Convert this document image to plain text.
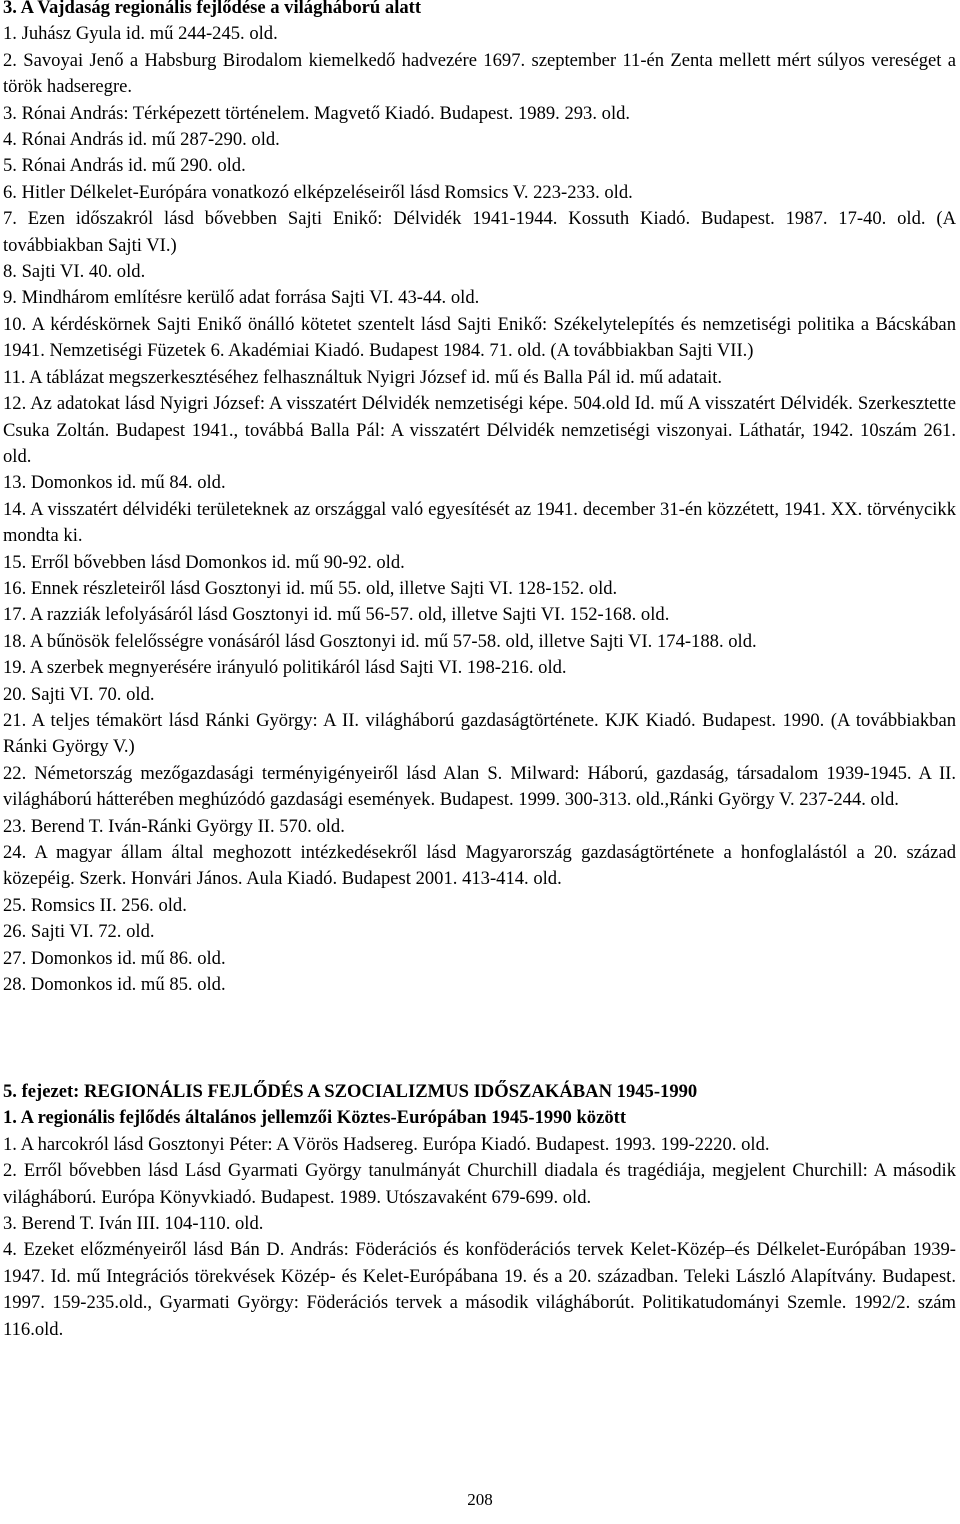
3. A Vajdaság regionális fejlődése a világháború alatt

1. Juhász Gyula id. mű 244-245. old.

2. Savoyai Jenő a Habsburg Birodalom kiemelkedő hadvezére 1697. szeptember 11-én Zenta mellett mért súlyos vereséget a török hadseregre.

3. Rónai András: Térképezett történelem. Magvető Kiadó. Budapest. 1989. 293. old.

4. Rónai András id. mű 287-290. old.

5. Rónai András id. mű 290. old.

6. Hitler Délkelet-Európára vonatkozó elképzeléseiről lásd Romsics V. 223-233. old.

7. Ezen időszakról lásd bővebben Sajti Enikő: Délvidék 1941-1944. Kossuth Kiadó. Budapest. 1987. 17-40. old. (A továbbiakban Sajti VI.)

8. Sajti VI. 40. old.

9. Mindhárom említésre kerülő adat forrása Sajti VI. 43-44. old.

10. A kérdéskörnek Sajti Enikő önálló kötetet szentelt lásd Sajti Enikő: Székelytelepítés és nemzetiségi politika a Bácskában 1941. Nemzetiségi Füzetek 6. Akadémiai Kiadó. Budapest 1984. 71. old. (A továbbiakban Sajti VII.)

11. A táblázat megszerkesztéséhez felhasználtuk Nyigri József id. mű és Balla Pál id. mű adatait.

12. Az adatokat lásd Nyigri József: A visszatért Délvidék nemzetiségi képe. 504.old Id. mű A visszatért Délvidék. Szerkesztette Csuka Zoltán. Budapest 1941., továbbá Balla Pál: A visszatért Délvidék nemzetiségi viszonyai. Láthatár, 1942. 10szám 261. old.

13. Domonkos id. mű 84. old.

14. A visszatért délvidéki területeknek az országgal való egyesítését az 1941. december 31-én közzétett, 1941. XX. törvénycikk mondta ki.

15. Erről bővebben lásd Domonkos id. mű 90-92. old.

16. Ennek részleteiről lásd Gosztonyi id. mű 55. old, illetve Sajti VI. 128-152. old.

17. A razziák lefolyásáról lásd Gosztonyi id. mű 56-57. old, illetve Sajti VI. 152-168. old.

18. A bűnösök felelősségre vonásáról lásd Gosztonyi id. mű 57-58. old, illetve Sajti VI. 174-188. old.

19. A szerbek megnyerésére irányuló politikáról lásd Sajti VI. 198-216. old.

20. Sajti VI. 70. old.

21. A teljes témakört lásd Ránki György: A II. világháború gazdaságtörténete. KJK Kiadó. Budapest. 1990. (A továbbiakban Ránki György V.)

22. Németország mezőgazdasági terményigényeiről lásd Alan S. Milward: Háború, gazdaság, társadalom 1939-1945. A II. világháború hátterében meghúzódó gazdasági események. Budapest. 1999. 300-313. old.,Ránki György V. 237-244. old.

23. Berend T. Iván-Ránki György II. 570. old.

24. A magyar állam által meghozott intézkedésekről lásd Magyarország gazdaságtörténete a honfoglalástól a 20. század közepéig. Szerk. Honvári János. Aula Kiadó. Budapest 2001. 413-414. old.

25. Romsics II. 256. old.

26. Sajti VI. 72. old.

27. Domonkos id. mű 86. old.

28. Domonkos id. mű 85. old.

5. fejezet: REGIONÁLIS FEJLŐDÉS A SZOCIALIZMUS IDŐSZAKÁBAN 1945-1990

1. A regionális fejlődés általános jellemzői Köztes-Európában 1945-1990 között

1. A harcokról lásd Gosztonyi Péter: A Vörös Hadsereg. Európa Kiadó. Budapest. 1993. 199-2220. old.

2. Erről bővebben lásd Lásd Gyarmati György tanulmányát Churchill diadala és tragédiája, megjelent Churchill: A második világháború. Európa Könyvkiadó. Budapest. 1989. Utószavaként 679-699. old.

3. Berend T. Iván III. 104-110. old.

4. Ezeket előzményeiről lásd Bán D. András: Föderációs és konföderációs tervek Kelet-Közép–és Délkelet-Európában 1939-1947. Id. mű Integrációs törekvések Közép- és Kelet-Európábana 19. és a 20. században. Teleki László Alapítvány. Budapest. 1997. 159-235.old., Gyarmati György: Föderációs tervek a második világháborút. Politikatudományi Szemle. 1992/2. szám 116.old.

208
